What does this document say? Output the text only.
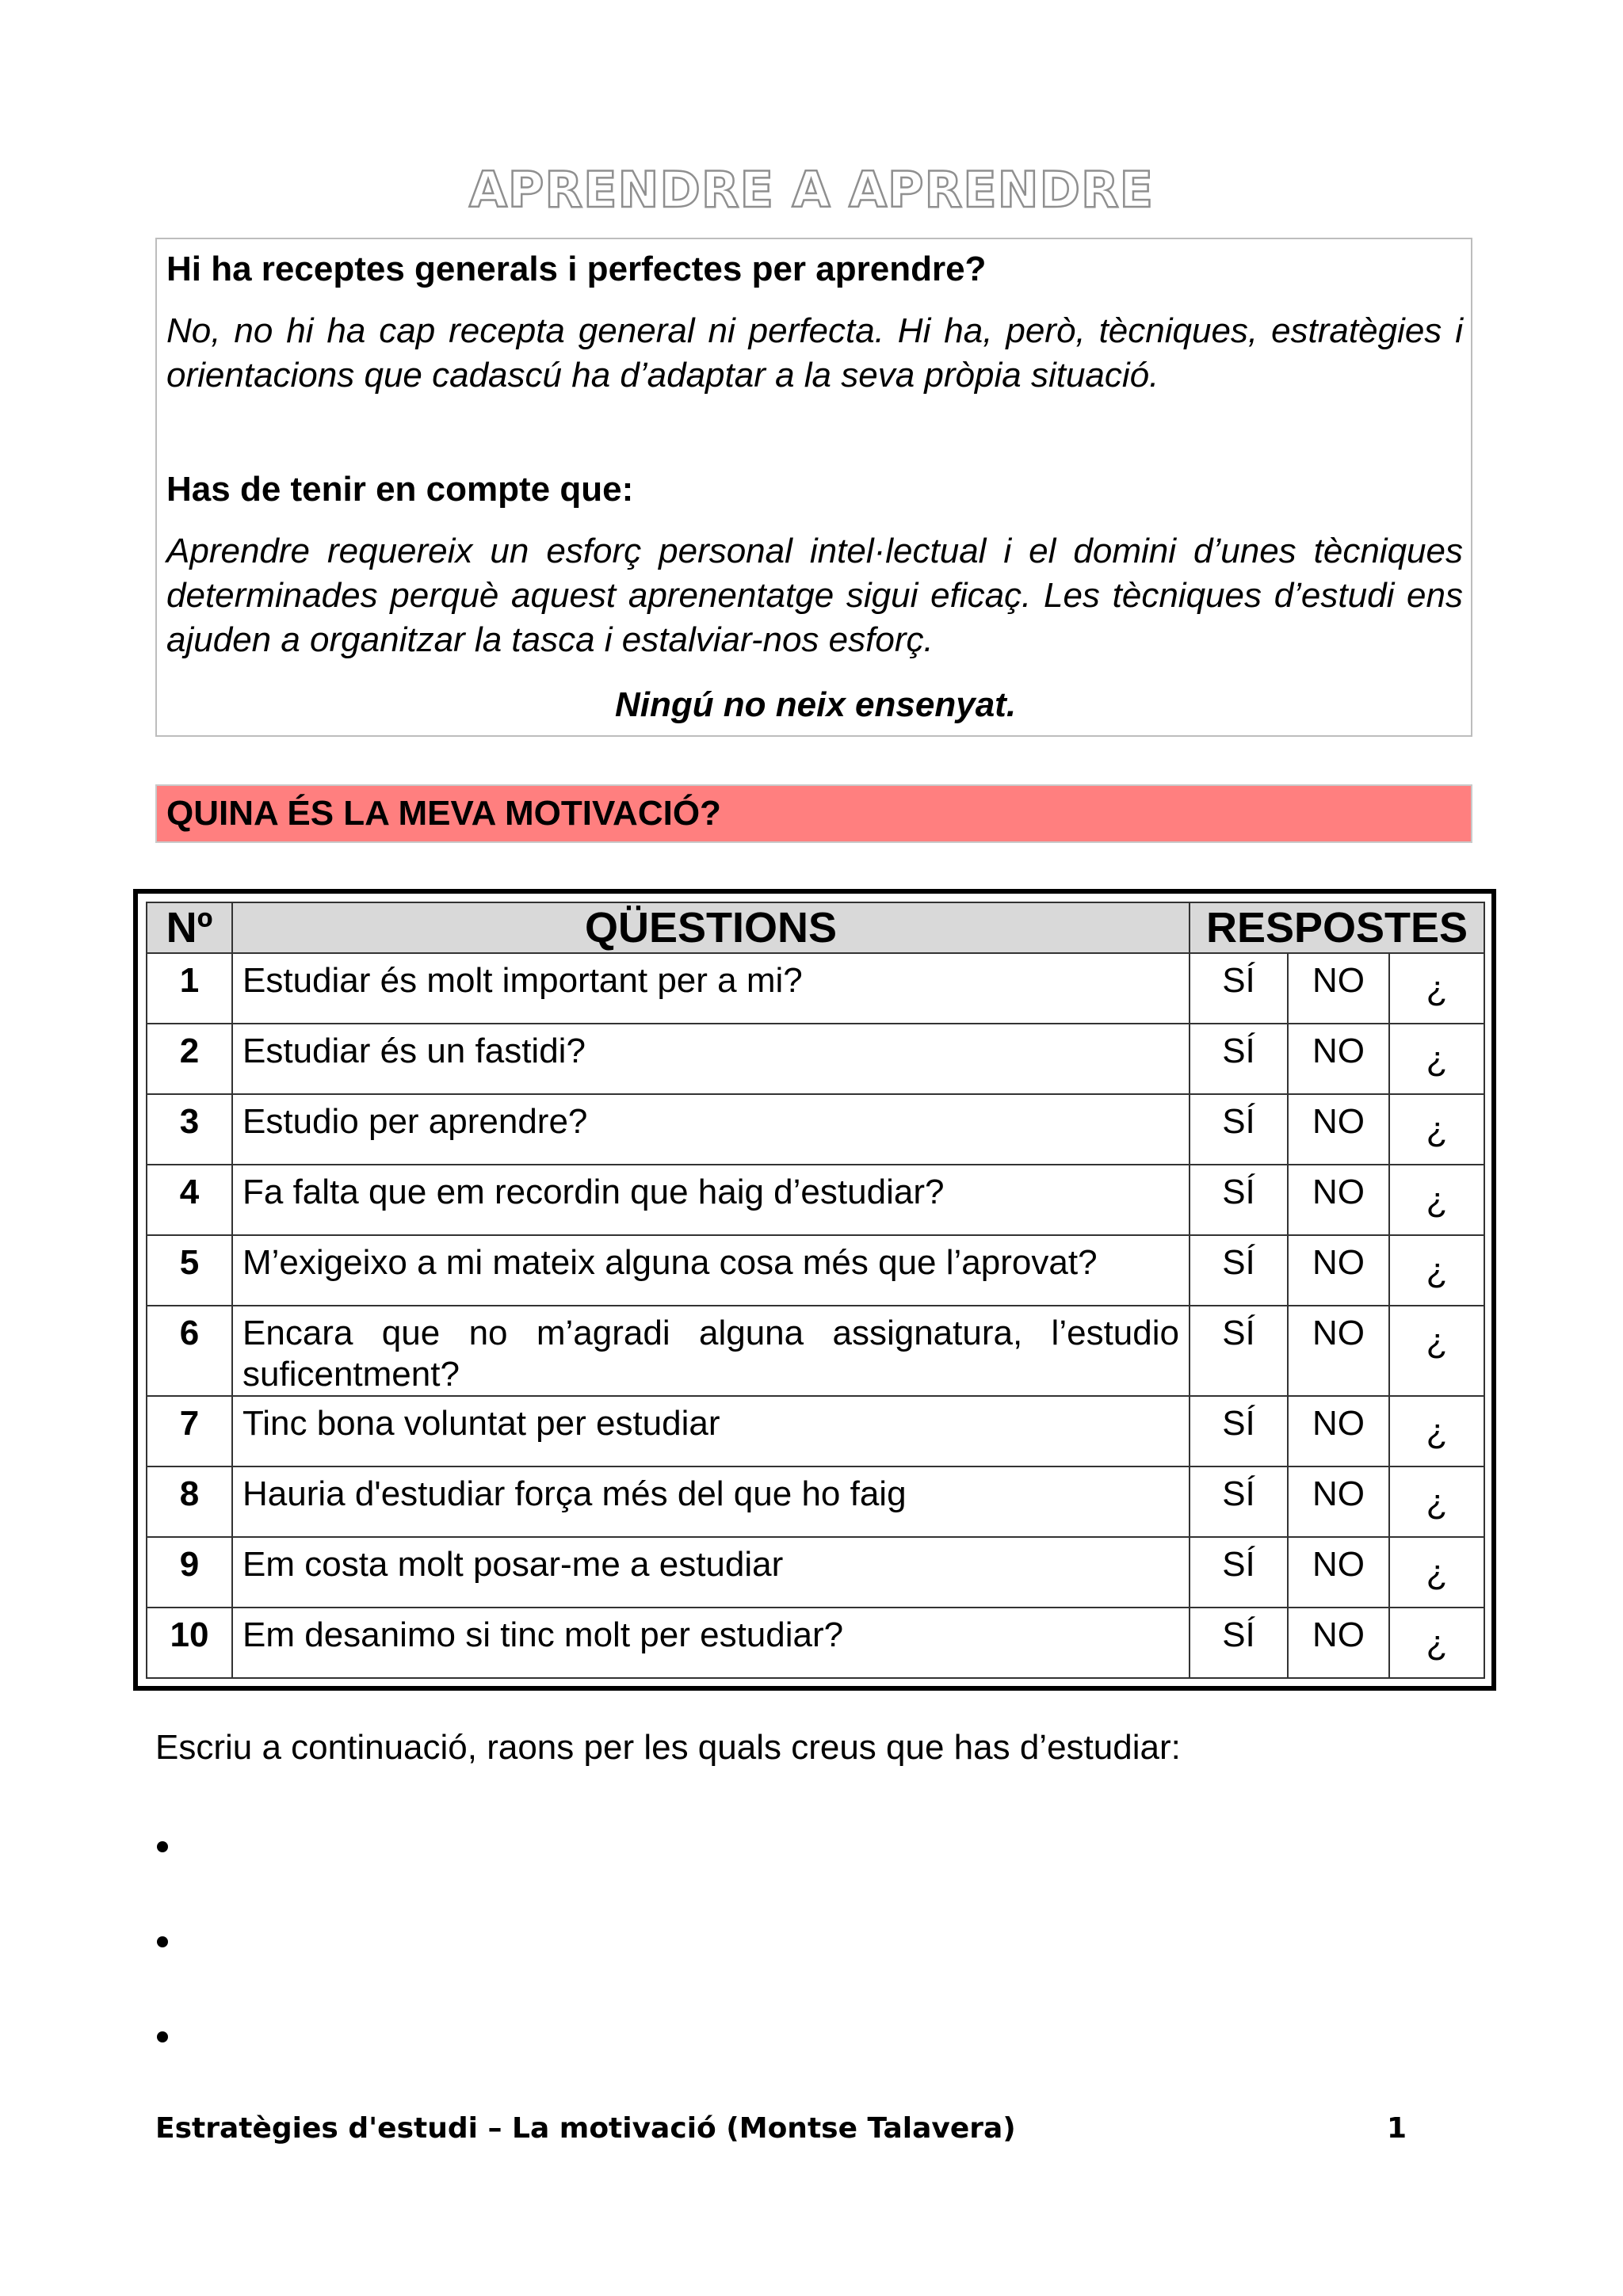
APRENDRE A APRENDRE
Hi ha receptes generals i perfectes per aprendre?
No, no hi ha cap recepta general ni perfecta. Hi ha, però, tècniques, estratègies i orientacions que cadascú ha d’adaptar a la seva pròpia situació.
Has de tenir en compte que:
Aprendre requereix un esforç personal intel·lectual i el domini d’unes tècniques determinades perquè aquest aprenentatge sigui eficaç. Les tècniques d’estudi ens ajuden a organitzar la tasca i estalviar-nos esforç.
Ningú no neix ensenyat.
QUINA ÉS LA MEVA MOTIVACIÓ?
Nº	QÜESTIONS	RESPOSTES		
1	Estudiar és molt important per a mi?	SÍ	NO	¿
2	Estudiar és un fastidi?	SÍ	NO	¿
3	Estudio per aprendre?	SÍ	NO	¿
4	Fa falta que em recordin que haig d’estudiar?	SÍ	NO	¿
5	M’exigeixo a mi mateix alguna cosa més que l’aprovat?	SÍ	NO	¿
6	Encara que no m’agradi alguna assignatura, l’estudio suficentment?	SÍ	NO	¿
7	Tinc bona voluntat per estudiar	SÍ	NO	¿
8	Hauria d'estudiar força més del que ho faig	SÍ	NO	¿
9	Em costa molt posar-me a estudiar	SÍ	NO	¿
10	Em desanimo si tinc molt per estudiar?	SÍ	NO	¿
Escriu a continuació, raons per les quals creus que has d’estudiar:
Estratègies d'estudi – La motivació (Montse Talavera)	1
